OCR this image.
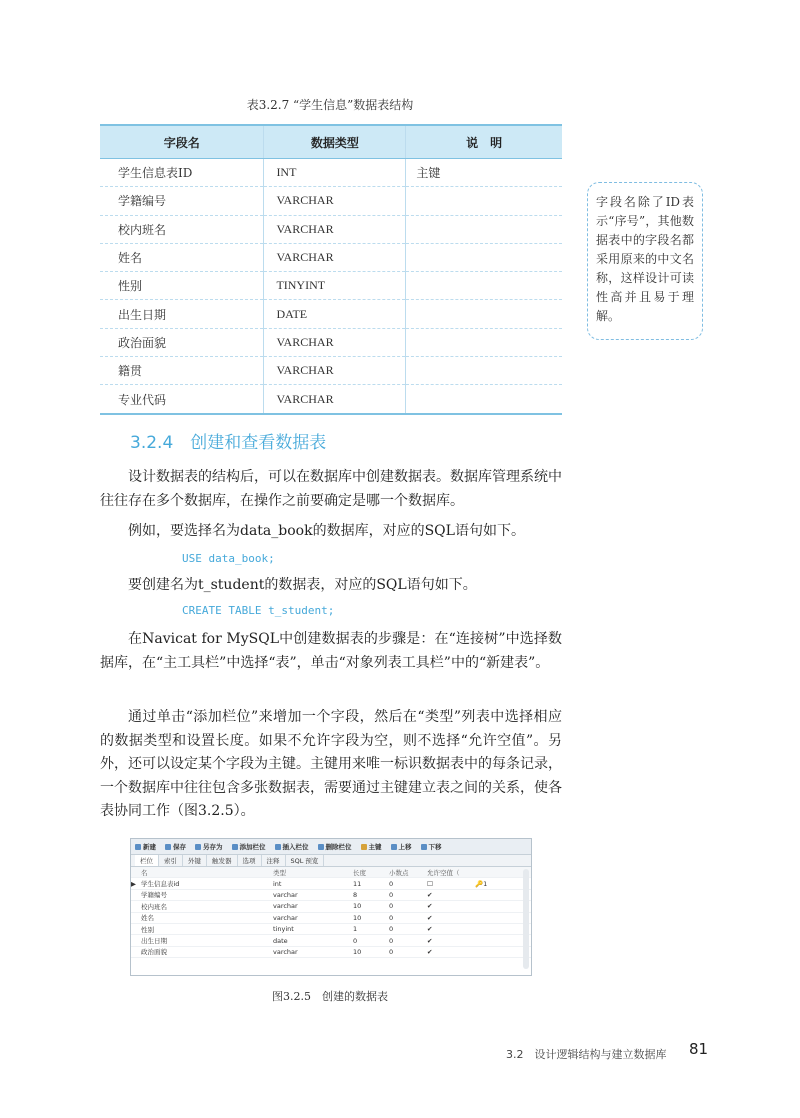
表3.2.7 “学生信息”数据表结构
字段名	数据类型	说　明
学生信息表ID	INT	主键
学籍编号	VARCHAR	
校内班名	VARCHAR	
姓名	VARCHAR	
性别	TINYINT	
出生日期	DATE	
政治面貌	VARCHAR	
籍贯	VARCHAR	
专业代码	VARCHAR	
字段名除了ID表示“序号”，其他数据表中的字段名都采用原来的中文名称，这样设计可读性高并且易于理解。
3.2.4　创建和查看数据表
设计数据表的结构后，可以在数据库中创建数据表。数据库管理系统中往往存在多个数据库，在操作之前要确定是哪一个数据库。
例如，要选择名为data_book的数据库，对应的SQL语句如下。
USE data_book;
要创建名为t_student的数据表，对应的SQL语句如下。
CREATE TABLE t_student;
在Navicat for MySQL中创建数据表的步骤是：在“连接树”中选择数据库，在“主工具栏”中选择“表”，单击“对象列表工具栏”中的“新建表”。
通过单击“添加栏位”来增加一个字段，然后在“类型”列表中选择相应的数据类型和设置长度。如果不允许字段为空，则不选择“允许空值”。另外，还可以设定某个字段为主键。主键用来唯一标识数据表中的每条记录，一个数据库中往往包含多张数据表，需要通过主键建立表之间的关系，使各表协同工作（图3.2.5）。
新建	保存	另存为	添加栏位	插入栏位	删除栏位	主键	上移	下移
栏位	索引	外键	触发器	选项	注释	SQL 预览
名	类型	长度	小数点	允许空值（
▶ 学生信息表id	int	11	0	☐	🔑1
学籍编号	varchar	8	0	✔
校内班名	varchar	10	0	✔
姓名	varchar	10	0	✔
性别	tinyint	1	0	✔
出生日期	date	0	0	✔
政治面貌	varchar	10	0	✔
图3.2.5　创建的数据表
3.2　设计逻辑结构与建立数据库 81
